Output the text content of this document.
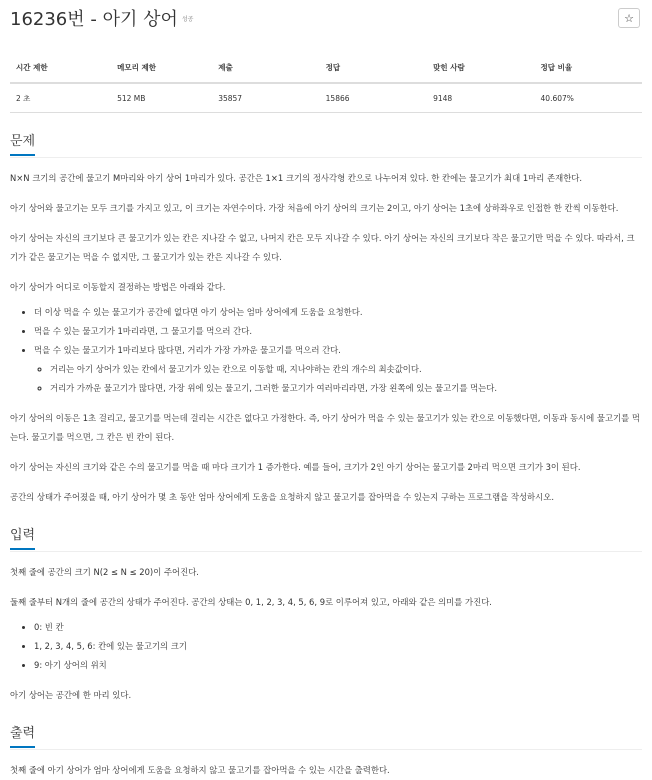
16236번 - 아기 상어 성공	☆
시간 제한	메모리 제한	제출	정답	맞힌 사람	정답 비율
2 초	512 MB	35857	15866	9148	40.607%
문제

N×N 크기의 공간에 물고기 M마리와 아기 상어 1마리가 있다. 공간은 1×1 크기의 정사각형 칸으로 나누어져 있다. 한 칸에는 물고기가 최대 1마리 존재한다.

아기 상어와 물고기는 모두 크기를 가지고 있고, 이 크기는 자연수이다. 가장 처음에 아기 상어의 크기는 2이고, 아기 상어는 1초에 상하좌우로 인접한 한 칸씩 이동한다.

아기 상어는 자신의 크기보다 큰 물고기가 있는 칸은 지나갈 수 없고, 나머지 칸은 모두 지나갈 수 있다. 아기 상어는 자신의 크기보다 작은 물고기만 먹을 수 있다. 따라서, 크기가 같은 물고기는 먹을 수 없지만, 그 물고기가 있는 칸은 지나갈 수 있다.

아기 상어가 어디로 이동할지 결정하는 방법은 아래와 같다.

• 더 이상 먹을 수 있는 물고기가 공간에 없다면 아기 상어는 엄마 상어에게 도움을 요청한다.
• 먹을 수 있는 물고기가 1마리라면, 그 물고기를 먹으러 간다.
• 먹을 수 있는 물고기가 1마리보다 많다면, 거리가 가장 가까운 물고기를 먹으러 간다.
◦ 거리는 아기 상어가 있는 칸에서 물고기가 있는 칸으로 이동할 때, 지나야하는 칸의 개수의 최솟값이다.
◦ 거리가 가까운 물고기가 많다면, 가장 위에 있는 물고기, 그러한 물고기가 여러마리라면, 가장 왼쪽에 있는 물고기를 먹는다.

아기 상어의 이동은 1초 걸리고, 물고기를 먹는데 걸리는 시간은 없다고 가정한다. 즉, 아기 상어가 먹을 수 있는 물고기가 있는 칸으로 이동했다면, 이동과 동시에 물고기를 먹는다. 물고기를 먹으면, 그 칸은 빈 칸이 된다.

아기 상어는 자신의 크기와 같은 수의 물고기를 먹을 때 마다 크기가 1 증가한다. 예를 들어, 크기가 2인 아기 상어는 물고기를 2마리 먹으면 크기가 3이 된다.

공간의 상태가 주어졌을 때, 아기 상어가 몇 초 동안 엄마 상어에게 도움을 요청하지 않고 물고기를 잡아먹을 수 있는지 구하는 프로그램을 작성하시오.

입력

첫째 줄에 공간의 크기 N(2 ≤ N ≤ 20)이 주어진다.

둘째 줄부터 N개의 줄에 공간의 상태가 주어진다. 공간의 상태는 0, 1, 2, 3, 4, 5, 6, 9로 이루어져 있고, 아래와 같은 의미를 가진다.

• 0: 빈 칸
• 1, 2, 3, 4, 5, 6: 칸에 있는 물고기의 크기
• 9: 아기 상어의 위치

아기 상어는 공간에 한 마리 있다.

출력

첫째 줄에 아기 상어가 엄마 상어에게 도움을 요청하지 않고 물고기를 잡아먹을 수 있는 시간을 출력한다.
